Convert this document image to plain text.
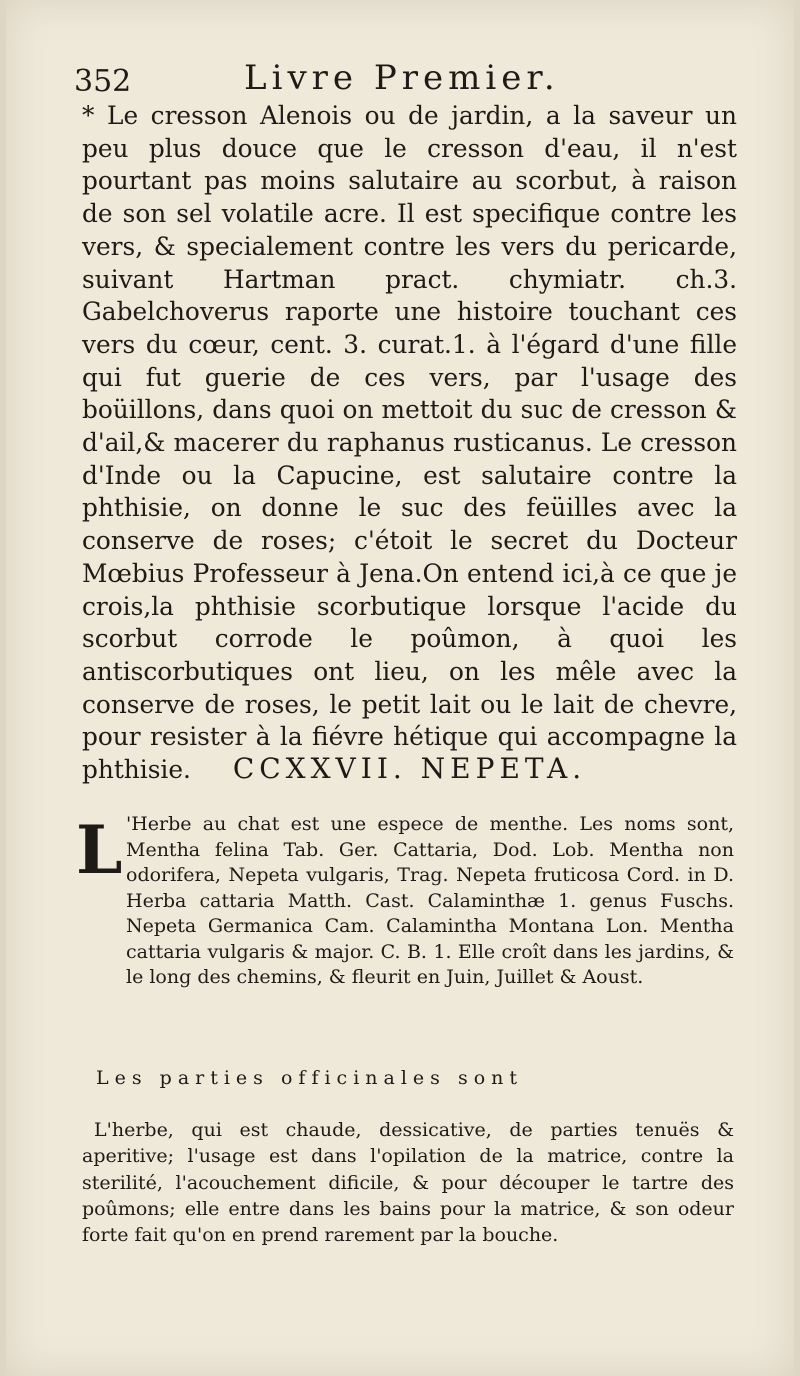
352	Livre Premier.

* Le cresson Alenois ou de jardin, a la saveur un peu plus douce que le cresson d'eau, il n'est pourtant pas moins salutaire au scorbut, à raison de son sel volatile acre. Il est specifique contre les vers, & specialement contre les vers du pericarde, suivant Hartman pract. chymiatr. ch.3. Gabelchoverus raporte une histoire touchant ces vers du cœur, cent. 3. curat.1. à l'égard d'une fille qui fut guerie de ces vers, par l'usage des boüillons, dans quoi on mettoit du suc de cresson & d'ail,& macerer du raphanus rusticanus. Le cresson d'Inde ou la Capucine, est salutaire contre la phthisie, on donne le suc des feüilles avec la conserve de roses; c'étoit le secret du Docteur Mœbius Professeur à Jena.On entend ici,à ce que je crois,la phthisie scorbutique lorsque l'acide du scorbut corrode le poûmon, à quoi les antiscorbutiques ont lieu, on les mêle avec la conserve de roses, le petit lait ou le lait de chevre, pour resister à la fiévre hétique qui accompagne la phthisie.	CCXXVII. NEPETA.
L 'Herbe au chat est une espece de menthe. Les noms sont, Mentha felina Tab. Ger. Cattaria, Dod. Lob. Mentha non odorifera, Nepeta vulgaris, Trag. Nepeta fruticosa Cord. in D. Herba cattaria Matth. Cast. Calaminthæ 1. genus Fuschs. Nepeta Germanica Cam. Calamintha Montana Lon. Mentha cattaria vulgaris & major. C. B. 1. Elle croît dans les jardins, & le long des chemins, & fleurit en Juin, Juillet & Aoust.

Les parties officinales sont

L'herbe, qui est chaude, dessicative, de parties tenuës & aperitive; l'usage est dans l'opilation de la matrice, contre la sterilité, l'acouchement dificile, & pour découper le tartre des poûmons; elle entre dans les bains pour la matrice, & son odeur forte fait qu'on en prend rarement par la bouche.
